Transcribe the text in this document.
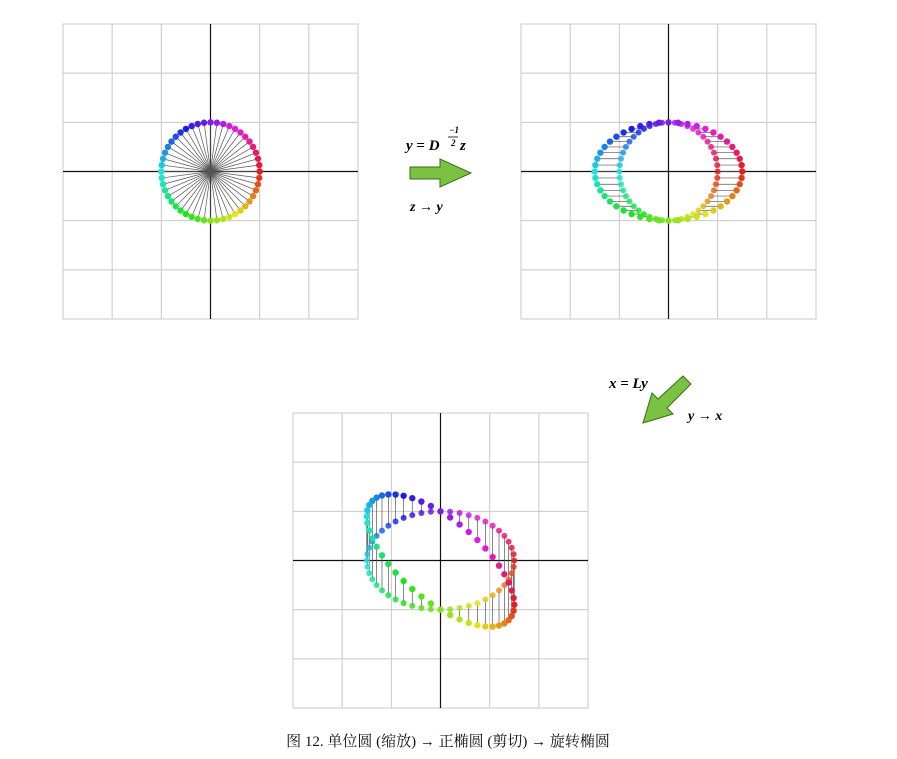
y = D
−1
2 z
z → y
x = Ly
y → x
图 12. 单位圆 (缩放) → 正椭圆 (剪切) → 旋转椭圆
